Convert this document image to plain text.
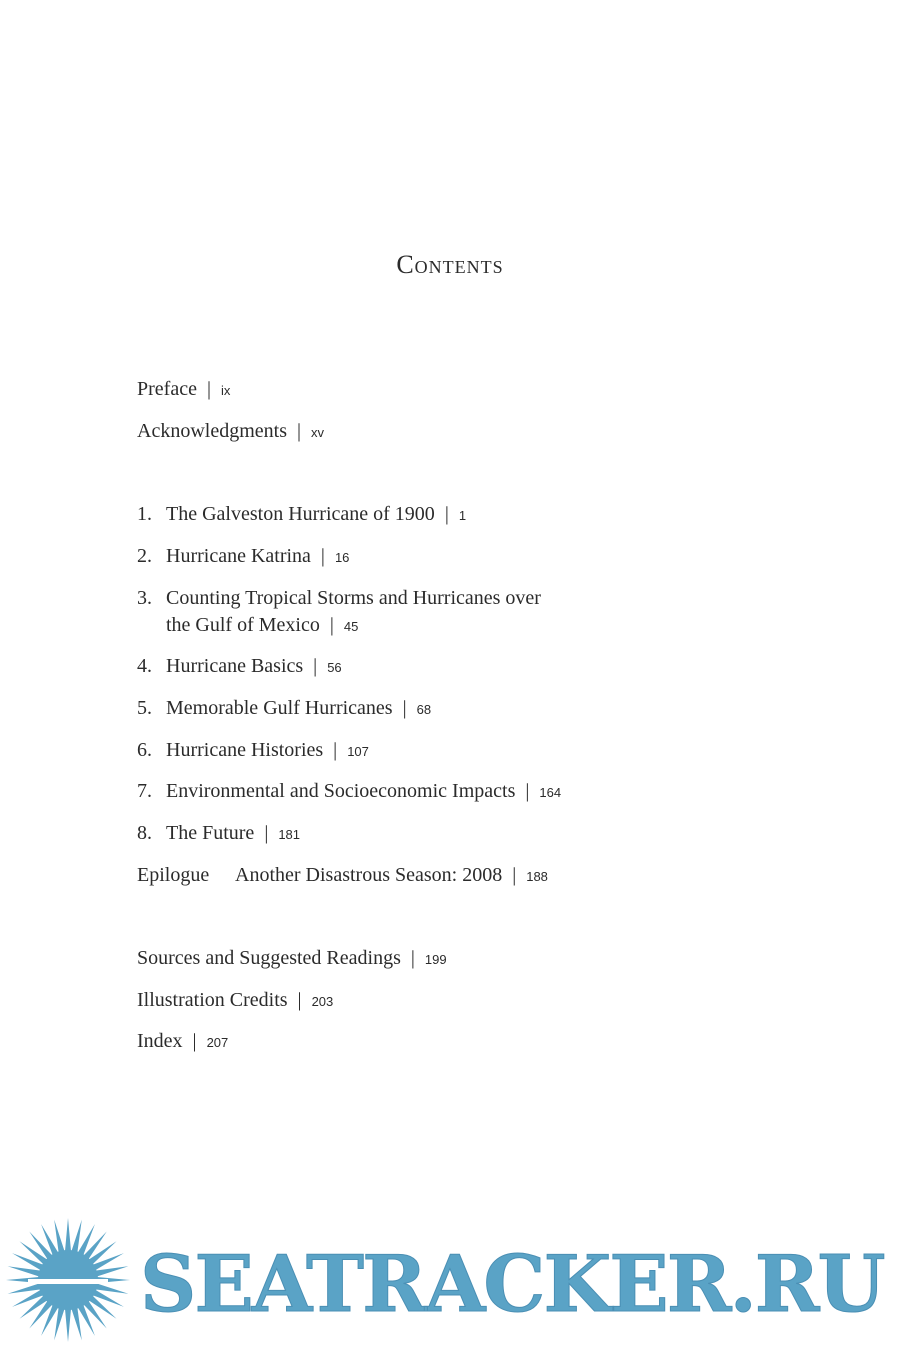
Contents
Preface | ix
Acknowledgments | xv
1. The Galveston Hurricane of 1900 | 1
2. Hurricane Katrina | 16
3. Counting Tropical Storms and Hurricanes over
the Gulf of Mexico | 45
4. Hurricane Basics | 56
5. Memorable Gulf Hurricanes | 68
6. Hurricane Histories | 107
7. Environmental and Socioeconomic Impacts | 164
8. The Future | 181
Epilogue Another Disastrous Season: 2008 | 188
Sources and Suggested Readings | 199
Illustration Credits | 203
Index | 207
SEATRACKER.RU
